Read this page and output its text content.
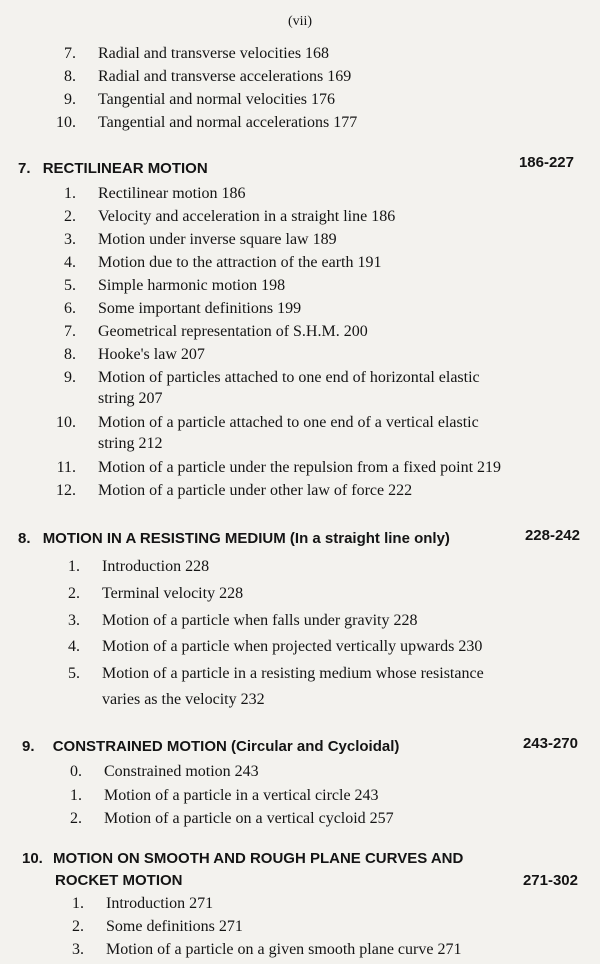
(vii)
7. Radial and transverse velocities 168
8. Radial and transverse accelerations 169
9. Tangential and normal velocities 176
10. Tangential and normal accelerations 177
7. RECTILINEAR MOTION	186-227
1. Rectilinear motion 186
2. Velocity and acceleration in a straight line 186
3. Motion under inverse square law 189
4. Motion due to the attraction of the earth 191
5. Simple harmonic motion 198
6. Some important definitions 199
7. Geometrical representation of S.H.M. 200
8. Hooke's law 207
9. Motion of particles attached to one end of horizontal elastic
string 207
10. Motion of a particle attached to one end of a vertical elastic
string 212
11. Motion of a particle under the repulsion from a fixed point 219
12. Motion of a particle under other law of force 222
8. MOTION IN A RESISTING MEDIUM (In a straight line only)	228-242
1. Introduction 228
2. Terminal velocity 228
3. Motion of a particle when falls under gravity 228
4. Motion of a particle when projected vertically upwards 230
5. Motion of a particle in a resisting medium whose resistance
varies as the velocity 232
9. CONSTRAINED MOTION (Circular and Cycloidal)	243-270
0. Constrained motion 243
1. Motion of a particle in a vertical circle 243
2. Motion of a particle on a vertical cycloid 257
10. MOTION ON SMOOTH AND ROUGH PLANE CURVES AND
ROCKET MOTION	271-302
1. Introduction 271
2. Some definitions 271
3. Motion of a particle on a given smooth plane curve 271
